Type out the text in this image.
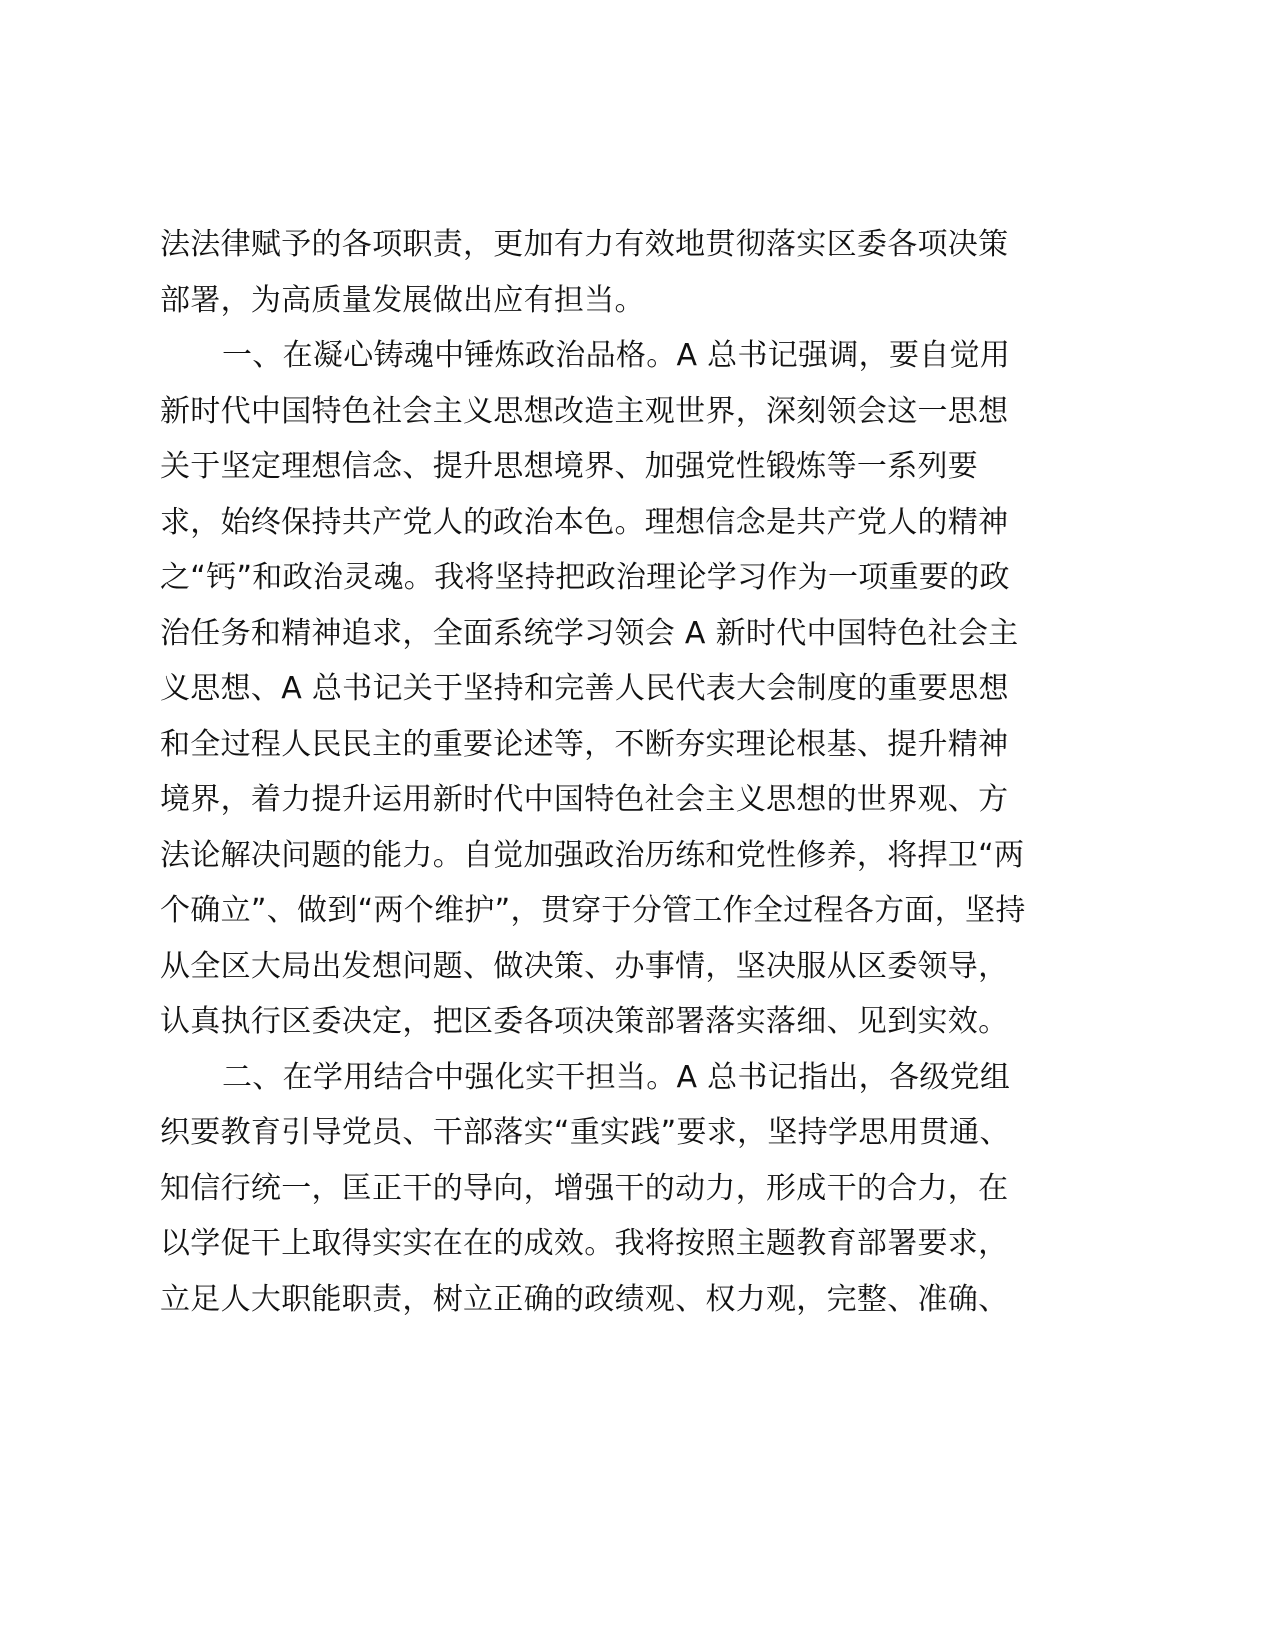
法法律赋予的各项职责，更加有力有效地贯彻落实区委各项决策
部署，为高质量发展做出应有担当。
一、在凝心铸魂中锤炼政治品格。A 总书记强调，要自觉用
新时代中国特色社会主义思想改造主观世界，深刻领会这一思想
关于坚定理想信念、提升思想境界、加强党性锻炼等一系列要
求，始终保持共产党人的政治本色。理想信念是共产党人的精神
之“钙”和政治灵魂。我将坚持把政治理论学习作为一项重要的政
治任务和精神追求，全面系统学习领会 A 新时代中国特色社会主
义思想、A 总书记关于坚持和完善人民代表大会制度的重要思想
和全过程人民民主的重要论述等，不断夯实理论根基、提升精神
境界，着力提升运用新时代中国特色社会主义思想的世界观、方
法论解决问题的能力。自觉加强政治历练和党性修养，将捍卫“两
个确立”、做到“两个维护”，贯穿于分管工作全过程各方面，坚持
从全区大局出发想问题、做决策、办事情，坚决服从区委领导，
认真执行区委决定，把区委各项决策部署落实落细、见到实效。
二、在学用结合中强化实干担当。A 总书记指出，各级党组
织要教育引导党员、干部落实“重实践”要求，坚持学思用贯通、
知信行统一，匡正干的导向，增强干的动力，形成干的合力，在
以学促干上取得实实在在的成效。我将按照主题教育部署要求，
立足人大职能职责，树立正确的政绩观、权力观，完整、准确、
